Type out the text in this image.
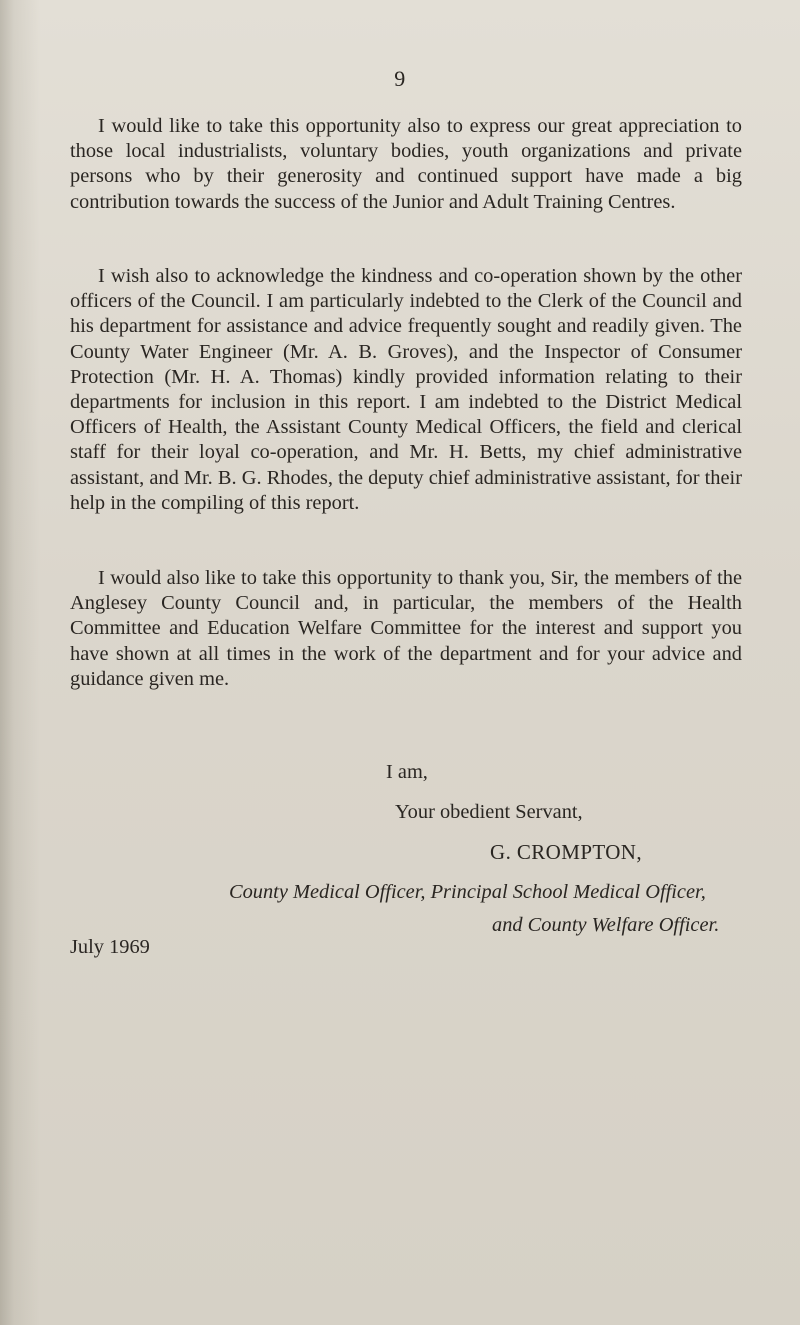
9

I would like to take this opportunity also to express our great appreciation to those local industrialists, voluntary bodies, youth organizations and private persons who by their generosity and continued support have made a big contribution towards the success of the Junior and Adult Training Centres.

I wish also to acknowledge the kindness and co-operation shown by the other officers of the Council. I am particularly indebted to the Clerk of the Council and his department for assistance and advice frequently sought and readily given. The County Water Engineer (Mr. A. B. Groves), and the Inspector of Consumer Protection (Mr. H. A. Thomas) kindly provided information relating to their departments for inclusion in this report. I am indebted to the District Medical Officers of Health, the Assistant County Medical Officers, the field and clerical staff for their loyal co-operation, and Mr. H. Betts, my chief administrative assistant, and Mr. B. G. Rhodes, the deputy chief administrative assistant, for their help in the compiling of this report.

I would also like to take this opportunity to thank you, Sir, the members of the Anglesey County Council and, in particular, the members of the Health Committee and Education Welfare Committee for the interest and support you have shown at all times in the work of the department and for your advice and guidance given me.

I am,
Your obedient Servant,
G. CROMPTON,
County Medical Officer, Principal School Medical Officer,
and County Welfare Officer.
July 1969
